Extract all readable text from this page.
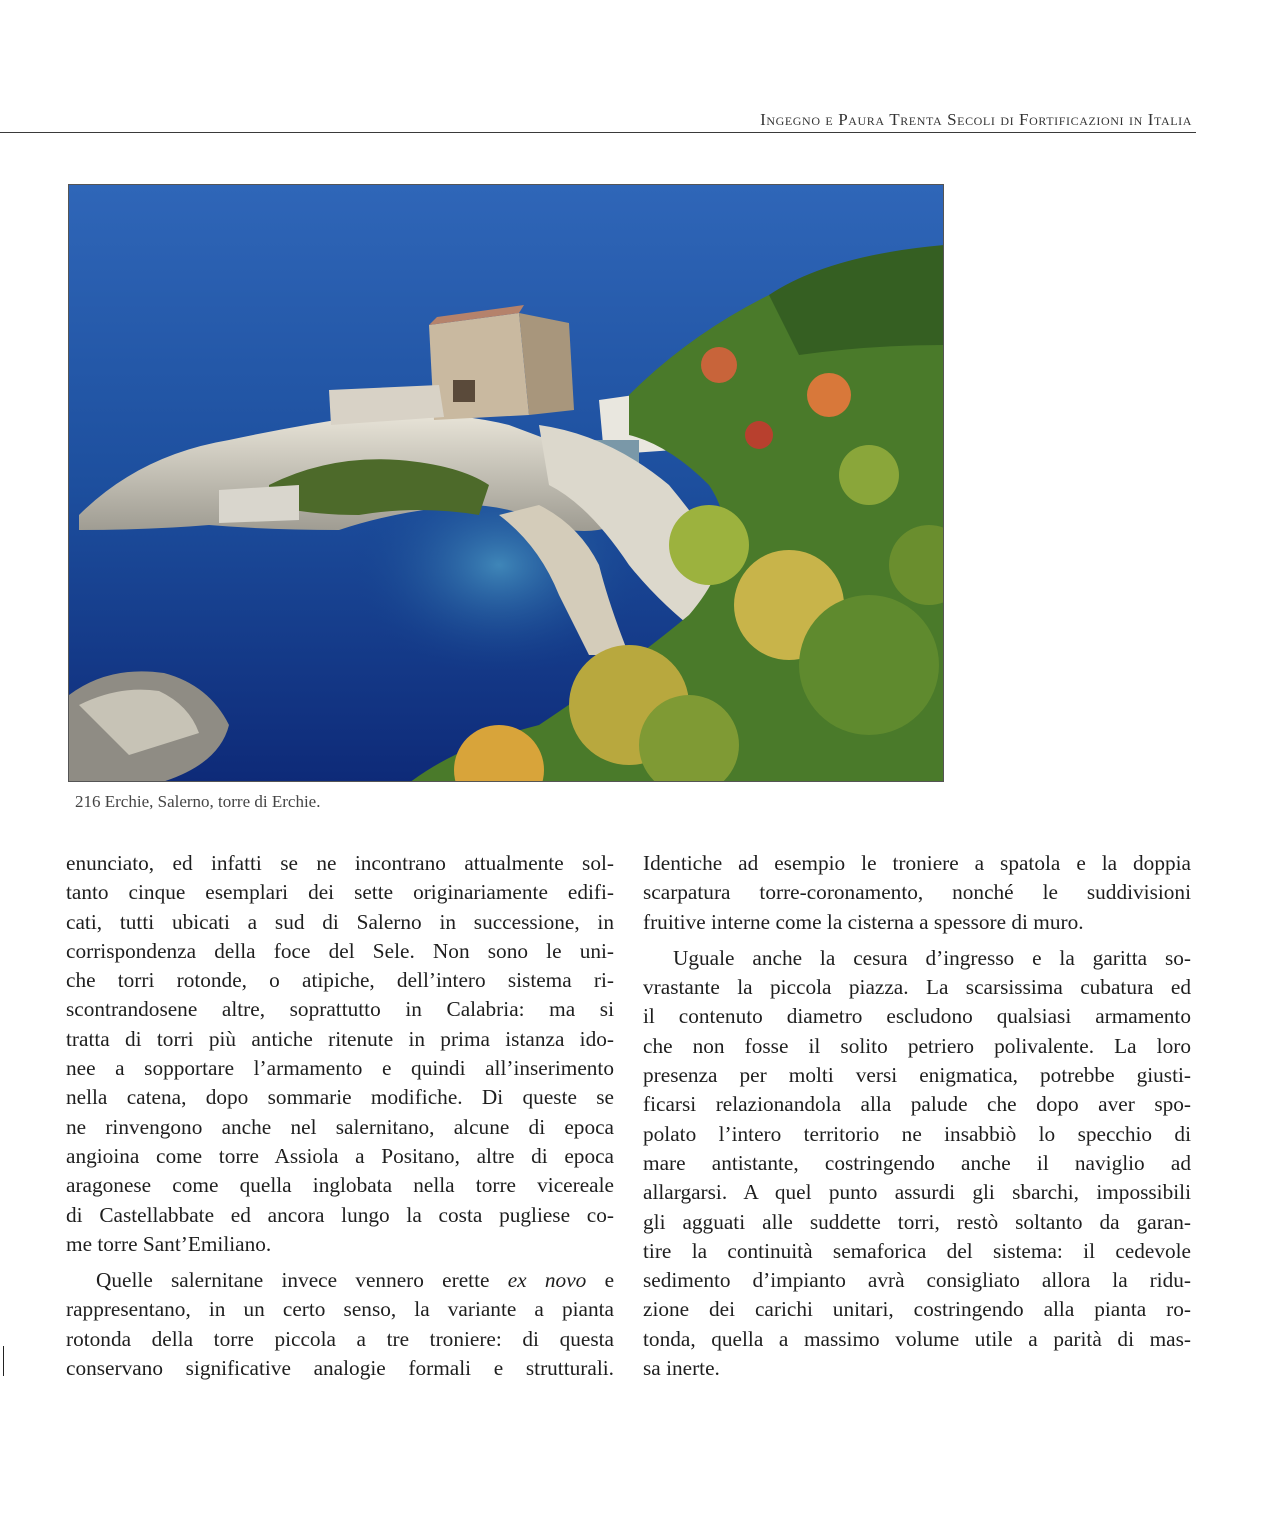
Ingegno e Paura Trenta Secoli di Fortificazioni in Italia
216 Erchie, Salerno, torre di Erchie.
enunciato, ed infatti se ne incontrano attualmente sol-
tanto cinque esemplari dei sette originariamente edifi-
cati, tutti ubicati a sud di Salerno in successione, in
corrispondenza della foce del Sele. Non sono le uni-
che torri rotonde, o atipiche, dell’intero sistema ri-
scontrandosene altre, soprattutto in Calabria: ma si
tratta di torri più antiche ritenute in prima istanza ido-
nee a sopportare l’armamento e quindi all’inserimento
nella catena, dopo sommarie modifiche. Di queste se
ne rinvengono anche nel salernitano, alcune di epoca
angioina come torre Assiola a Positano, altre di epoca
aragonese come quella inglobata nella torre vicereale
di Castellabbate ed ancora lungo la costa pugliese co-
me torre Sant’Emiliano.
Quelle salernitane invece vennero erette ex novo e
rappresentano, in un certo senso, la variante a pianta
rotonda della torre piccola a tre troniere: di questa
conservano significative analogie formali e strutturali.
Identiche ad esempio le troniere a spatola e la doppia
scarpatura torre-coronamento, nonché le suddivisioni
fruitive interne come la cisterna a spessore di muro.
Uguale anche la cesura d’ingresso e la garitta so-
vrastante la piccola piazza. La scarsissima cubatura ed
il contenuto diametro escludono qualsiasi armamento
che non fosse il solito petriero polivalente. La loro
presenza per molti versi enigmatica, potrebbe giusti-
ficarsi relazionandola alla palude che dopo aver spo-
polato l’intero territorio ne insabbiò lo specchio di
mare antistante, costringendo anche il naviglio ad
allargarsi. A quel punto assurdi gli sbarchi, impossibili
gli agguati alle suddette torri, restò soltanto da garan-
tire la continuità semaforica del sistema: il cedevole
sedimento d’impianto avrà consigliato allora la ridu-
zione dei carichi unitari, costringendo alla pianta ro-
tonda, quella a massimo volume utile a parità di mas-
sa inerte.
